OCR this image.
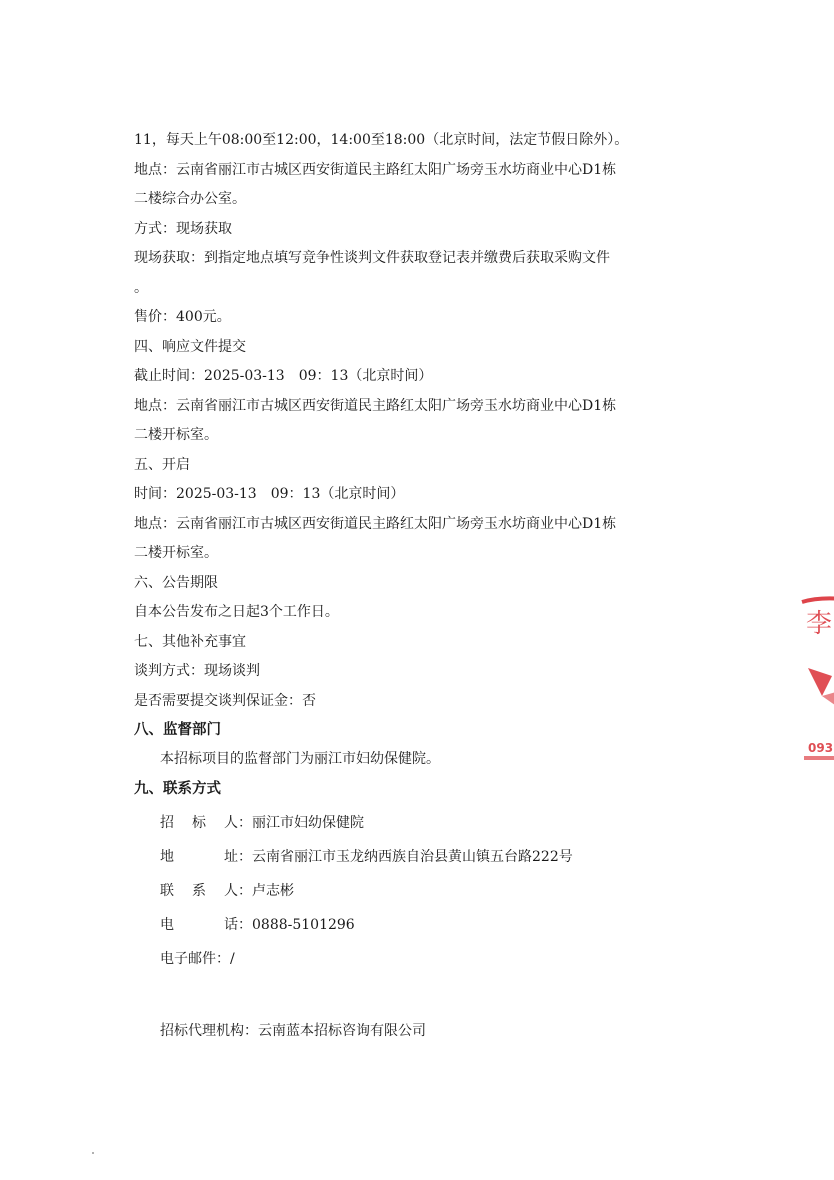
11，每天上午08:00至12:00，14:00至18:00（北京时间，法定节假日除外）。
地点：云南省丽江市古城区西安街道民主路红太阳广场旁玉水坊商业中心D1栋
二楼综合办公室。
方式：现场获取
现场获取：到指定地点填写竞争性谈判文件获取登记表并缴费后获取采购文件
。
售价：400元。
四、响应文件提交
截止时间：2025-03-13　09：13（北京时间）
地点：云南省丽江市古城区西安街道民主路红太阳广场旁玉水坊商业中心D1栋
二楼开标室。
五、开启
时间：2025-03-13　09：13（北京时间）
地点：云南省丽江市古城区西安街道民主路红太阳广场旁玉水坊商业中心D1栋
二楼开标室。
六、公告期限
自本公告发布之日起3个工作日。
七、其他补充事宜
谈判方式：现场谈判
是否需要提交谈判保证金：否
八、监督部门
本招标项目的监督部门为丽江市妇幼保健院。
九、联系方式
招标人：丽江市妇幼保健院
地址：云南省丽江市玉龙纳西族自治县黄山镇五台路222号
联系人：卢志彬
电话：0888-5101296
电子邮件：/
招标代理机构：云南蓝本招标咨询有限公司
李
093
